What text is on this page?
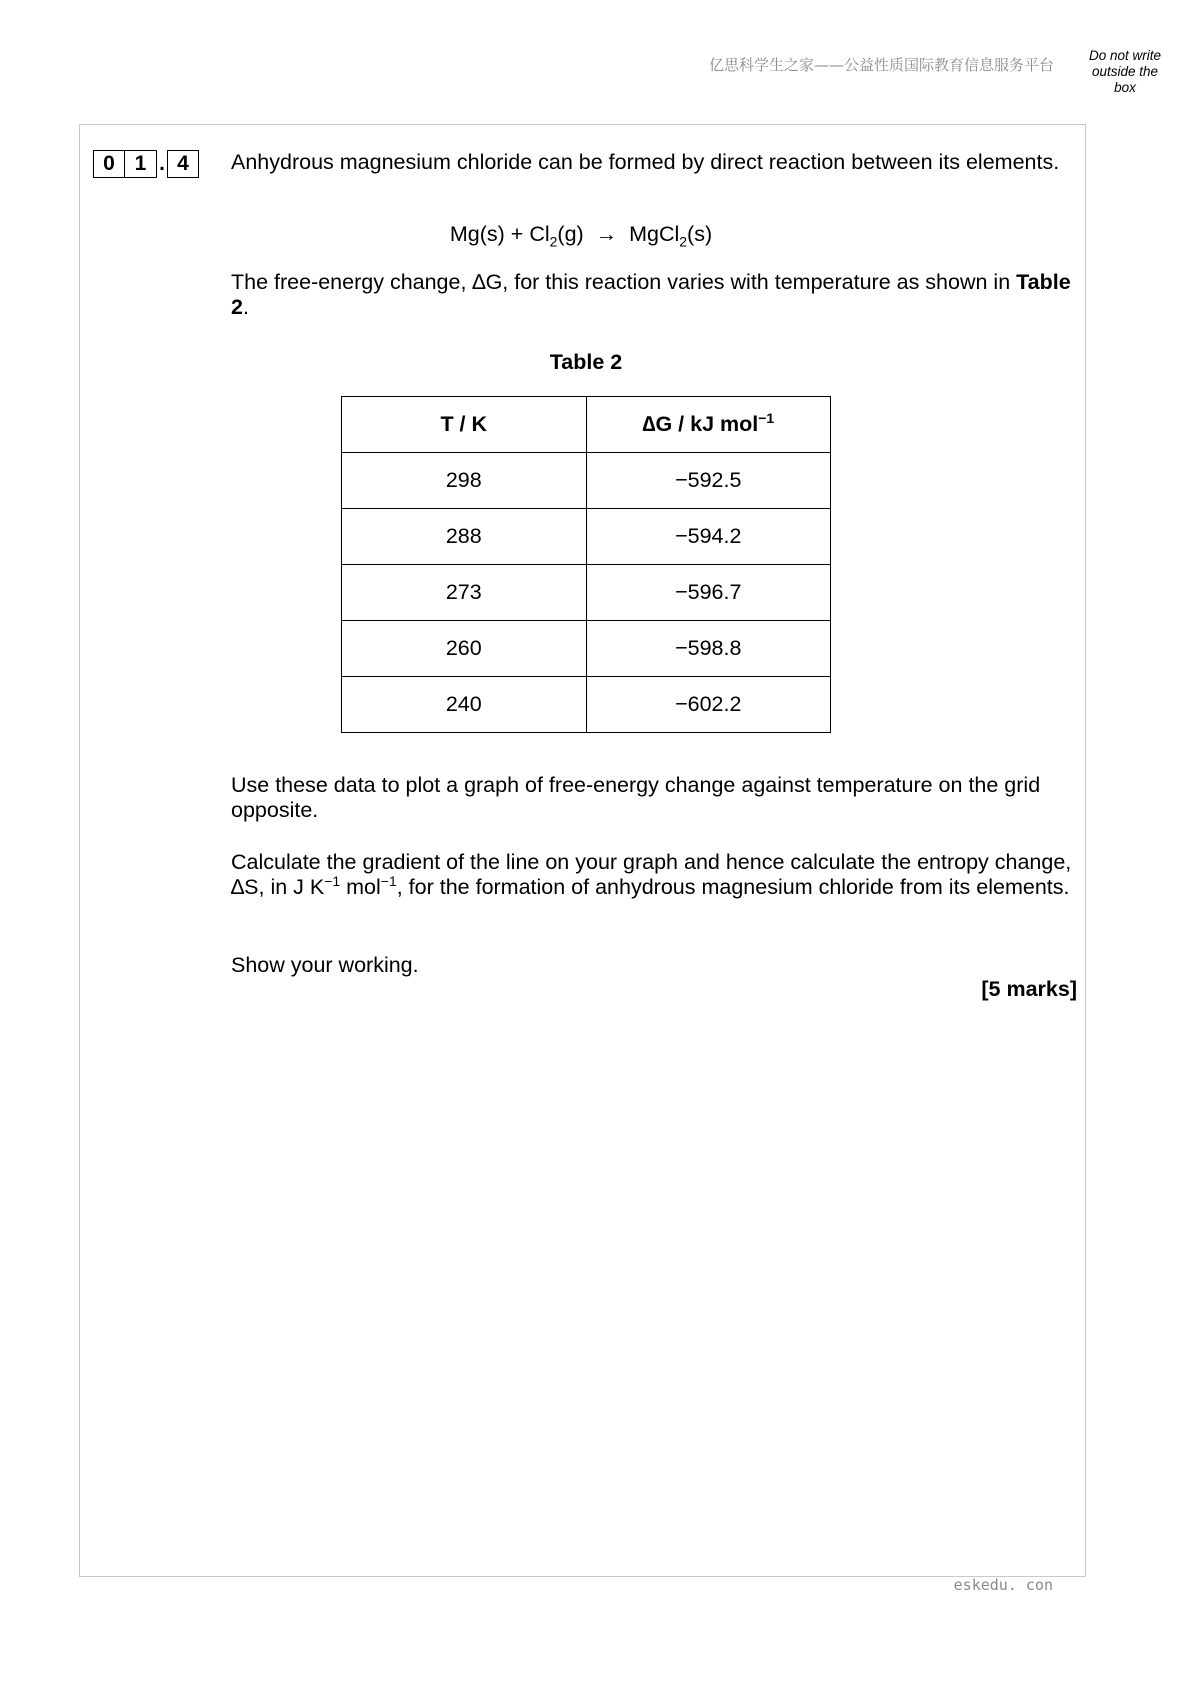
亿思科学生之家——公益性质国际教育信息服务平台
Do not write outside the box
0 1 . 4	Anhydrous magnesium chloride can be formed by direct reaction between its elements.

$Mg(s) + Cl_2(g)$ → MgCl$_2$(s)

The free-energy change, ∆G, for this reaction varies with temperature as shown in Table 2.

Table 2
T / K	∆G / kJ mol$^{-1}$
298	−592.5
288	−594.2
273	−596.7
260	−598.8
240	−602.2

Use these data to plot a graph of free-energy change against temperature on the grid opposite.

Calculate the gradient of the line on your graph and hence calculate the entropy change, ∆S, in J $K^{-1}$ mol$^{-1}$, for the formation of anhydrous magnesium chloride from its elements.

Show your working.

[5 marks]
eskedu. con
